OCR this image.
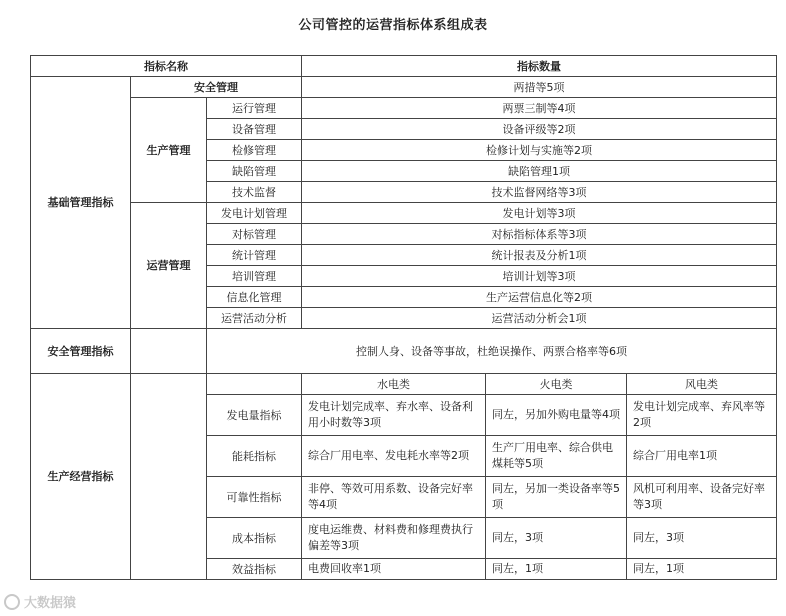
公司管控的运营指标体系组成表
指标名称			指标数量		
基础管理指标	安全管理		两措等5项		
	生产管理	运行管理	两票三制等4项		
		设备管理	设备评级等2项		
		检修管理	检修计划与实施等2项		
		缺陷管理	缺陷管理1项		
		技术监督	技术监督网络等3项		
	运营管理	发电计划管理	发电计划等3项		
		对标管理	对标指标体系等3项		
		统计管理	统计报表及分析1项		
		培训管理	培训计划等3项		
		信息化管理	生产运营信息化等2项		
		运营活动分析	运营活动分析会1项		
安全管理指标		控制人身、设备等事故，杜绝误操作、两票合格率等6项			
生产经营指标			水电类	火电类	风电类
		发电量指标	发电计划完成率、弃水率、设备利用小时数等3项	同左，另加外购电量等4项	发电计划完成率、弃风率等2项

		能耗指标	综合厂用电率、发电耗水率等2项	生产厂用电率、综合供电煤耗等5项	综合厂用电率1项

		可靠性指标	非停、等效可用系数、设备完好率等4项	同左，另加一类设备率等5项	风机可利用率、设备完好率等3项

		成本指标	度电运维费、材料费和修理费执行偏差等3项	同左，3项	同左，3项

		效益指标	电费回收率1项	同左，1项	同左，1项
大数据猿
